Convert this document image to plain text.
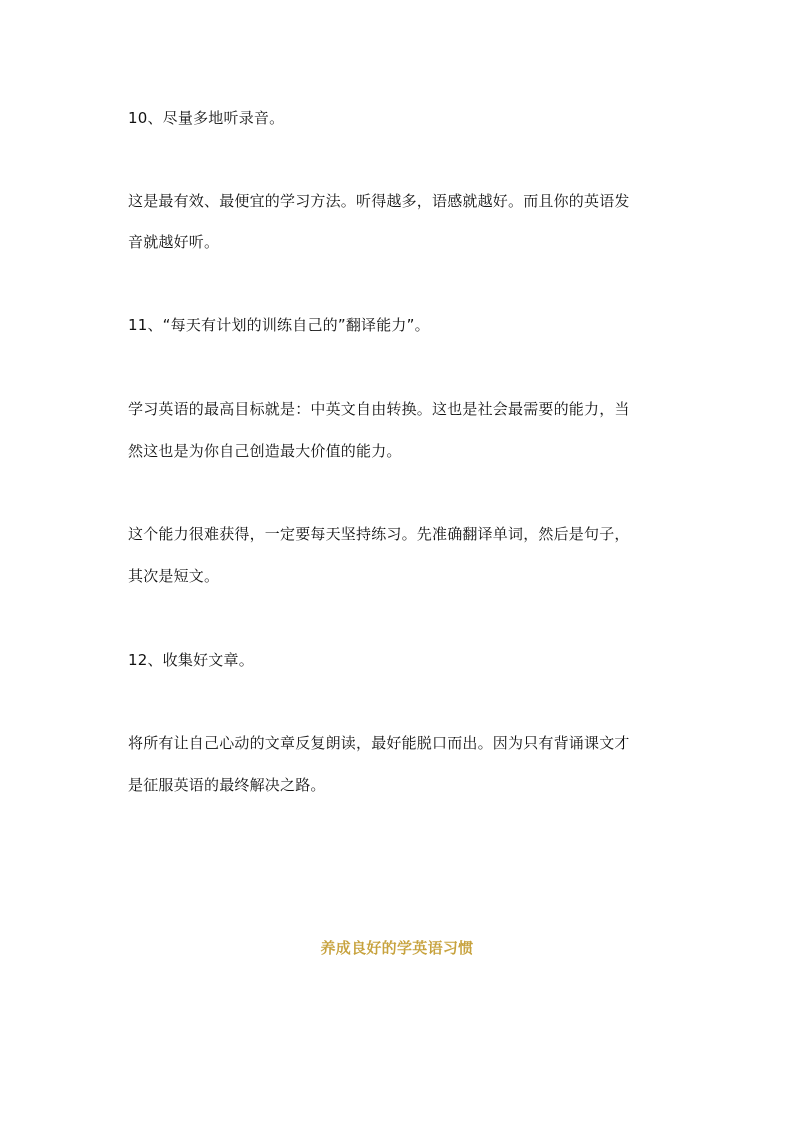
10、尽量多地听录音。
这是最有效、最便宜的学习方法。听得越多，语感就越好。而且你的英语发
音就越好听。
11、“每天有计划的训练自己的”翻译能力”。
学习英语的最高目标就是：中英文自由转换。这也是社会最需要的能力，当
然这也是为你自己创造最大价值的能力。
这个能力很难获得，一定要每天坚持练习。先准确翻译单词，然后是句子，
其次是短文。
12、收集好文章。
将所有让自己心动的文章反复朗读，最好能脱口而出。因为只有背诵课文才
是征服英语的最终解决之路。
养成良好的学英语习惯
